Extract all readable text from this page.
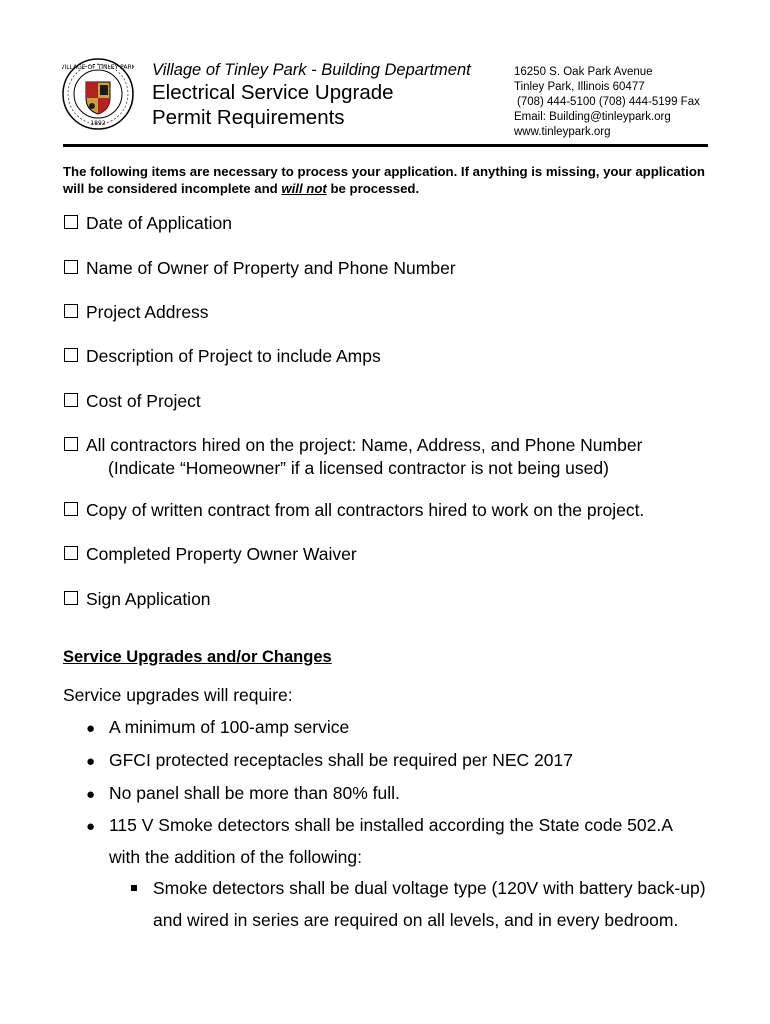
VILLAGE OF TINLEY PARK
1892
Village of Tinley Park - Building Department
Electrical Service Upgrade
Permit Requirements
16250 S. Oak Park Avenue
Tinley Park, Illinois 60477
(708) 444-5100 (708) 444-5199 Fax
Email: Building@tinleypark.org
www.tinleypark.org
The following items are necessary to process your application. If anything is missing, your application will be considered incomplete and will not be processed.
Date of Application
Name of Owner of Property and Phone Number
Project Address
Description of Project to include Amps
Cost of Project
All contractors hired on the project: Name, Address, and Phone Number
(Indicate “Homeowner” if a licensed contractor is not being used)
Copy of written contract from all contractors hired to work on the project.
Completed Property Owner Waiver
Sign Application
Service Upgrades and/or Changes
Service upgrades will require:
● A minimum of 100-amp service
● GFCI protected receptacles shall be required per NEC 2017
● No panel shall be more than 80% full.
● 115 V Smoke detectors shall be installed according the State code 502.A
with the addition of the following:
Smoke detectors shall be dual voltage type (120V with battery back-up)
and wired in series are required on all levels, and in every bedroom.
